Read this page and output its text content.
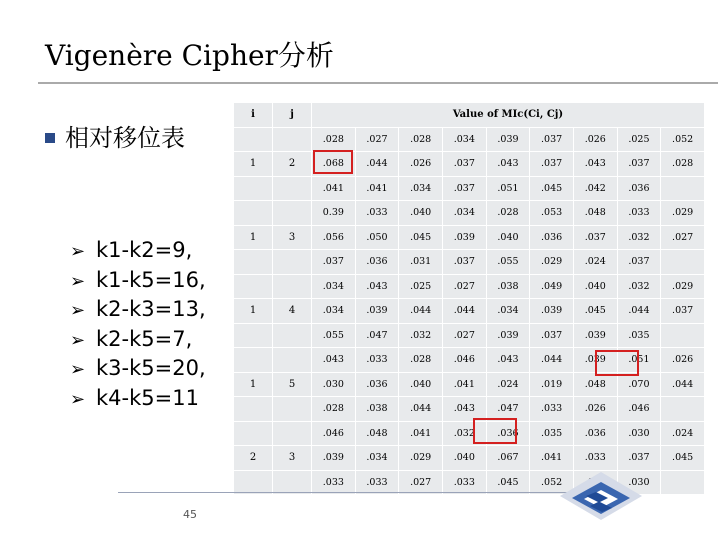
Vigenère Cipher分析
相对移位表
➢ k1-k2=9,
➢ k1-k5=16,
➢ k2-k3=13,
➢ k2-k5=7,
➢ k3-k5=20,
➢ k4-k5=11
i	j	Value of MIc(Ci, Cj)								
		.028	.027	.028	.034	.039	.037	.026	.025	.052
1	2	.068	.044	.026	.037	.043	.037	.043	.037	.028
		.041	.041	.034	.037	.051	.045	.042	.036	
		0.39	.033	.040	.034	.028	.053	.048	.033	.029
1	3	.056	.050	.045	.039	.040	.036	.037	.032	.027
		.037	.036	.031	.037	.055	.029	.024	.037	
		.034	.043	.025	.027	.038	.049	.040	.032	.029
1	4	.034	.039	.044	.044	.034	.039	.045	.044	.037
		.055	.047	.032	.027	.039	.037	.039	.035	
		.043	.033	.028	.046	.043	.044	.039	.051	.026
1	5	.030	.036	.040	.041	.024	.019	.048	.070	.044
		.028	.038	.044	.043	.047	.033	.026	.046	
		.046	.048	.041	.032	.036	.035	.036	.030	.024
2	3	.039	.034	.029	.040	.067	.041	.033	.037	.045
		.033	.033	.027	.033	.045	.052		.030	
45
